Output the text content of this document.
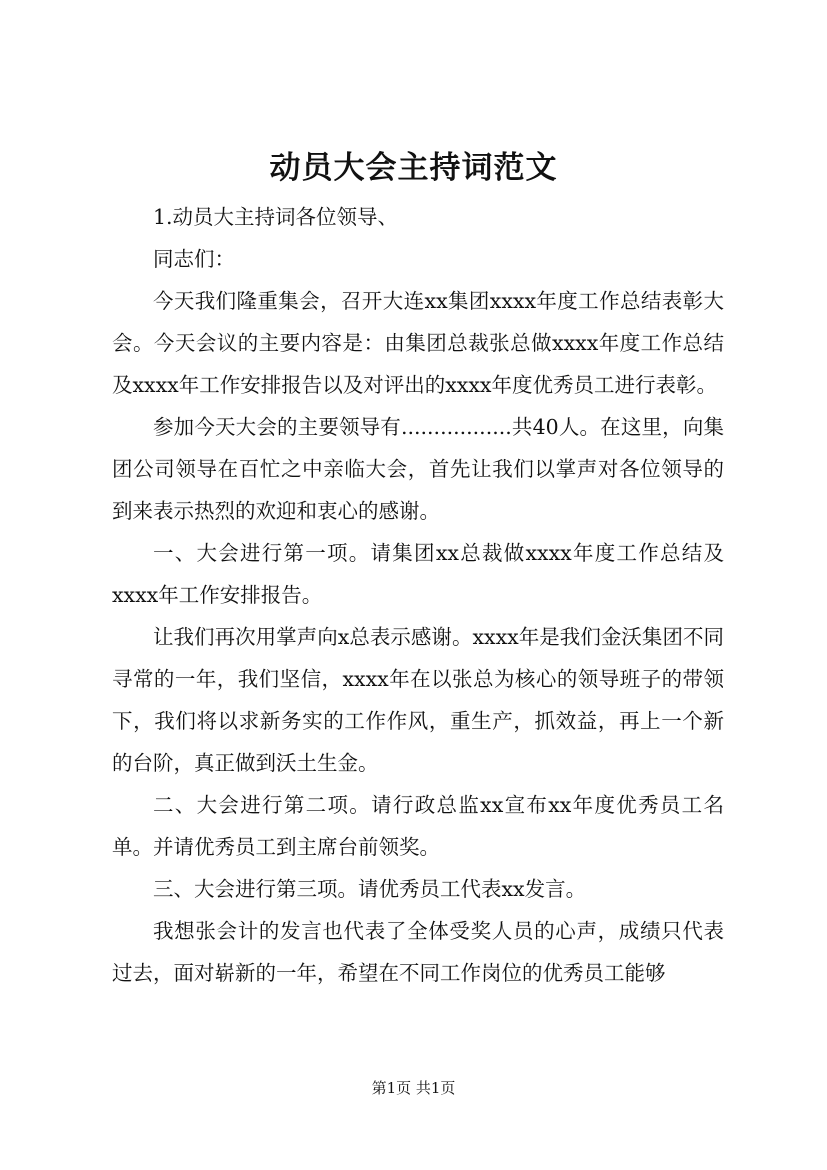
动员大会主持词范文

1.动员大主持词各位领导、

同志们：

今天我们隆重集会，召开大连xx集团xxxx年度工作总结表彰大会。今天会议的主要内容是：由集团总裁张总做xxxx年度工作总结及xxxx年工作安排报告以及对评出的xxxx年度优秀员工进行表彰。

参加今天大会的主要领导有.................共40人。在这里，向集团公司领导在百忙之中亲临大会，首先让我们以掌声对各位领导的到来表示热烈的欢迎和衷心的感谢。

一、大会进行第一项。请集团xx总裁做xxxx年度工作总结及xxxx年工作安排报告。

让我们再次用掌声向x总表示感谢。xxxx年是我们金沃集团不同寻常的一年，我们坚信，xxxx年在以张总为核心的领导班子的带领下，我们将以求新务实的工作作风，重生产，抓效益，再上一个新的台阶，真正做到沃土生金。

二、大会进行第二项。请行政总监xx宣布xx年度优秀员工名单。并请优秀员工到主席台前领奖。

三、大会进行第三项。请优秀员工代表xx发言。

我想张会计的发言也代表了全体受奖人员的心声，成绩只代表过去，面对崭新的一年，希望在不同工作岗位的优秀员工能够

第1页 共1页
